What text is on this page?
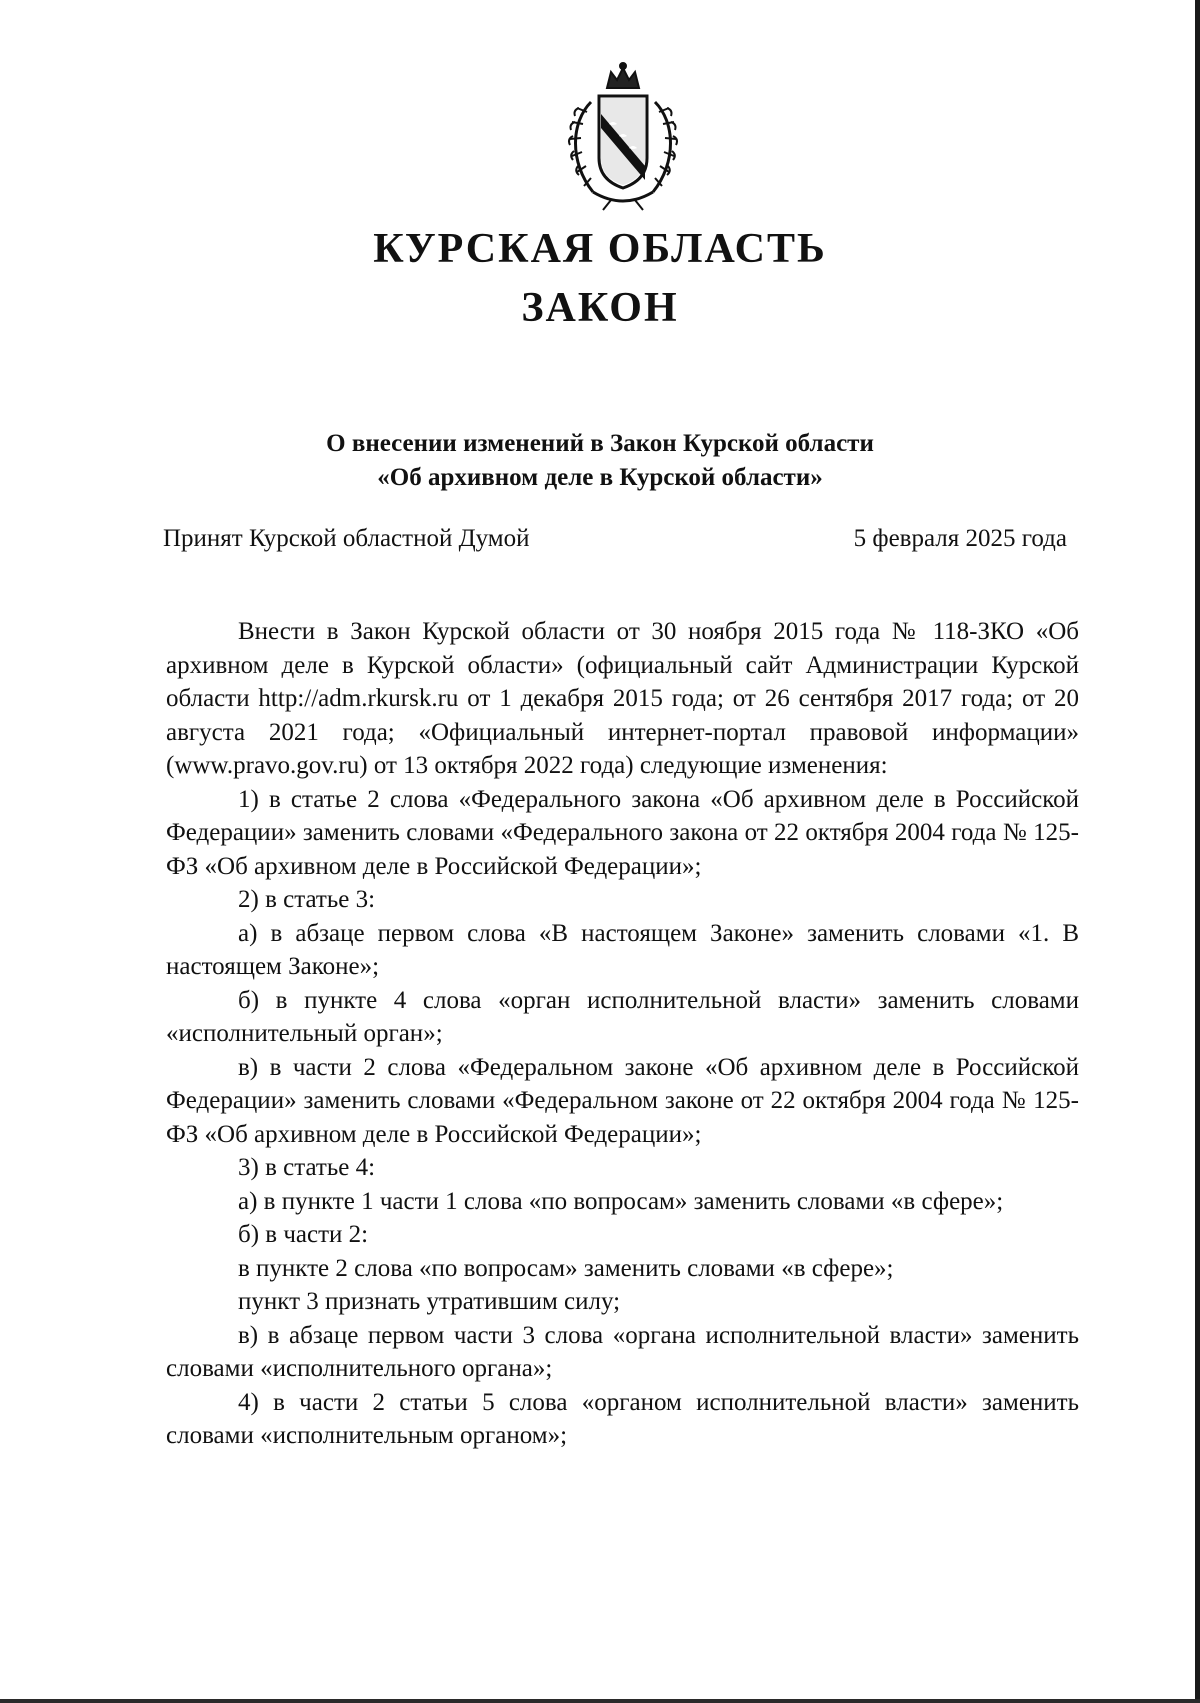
КУРСКАЯ ОБЛАСТЬ
ЗАКОН
О внесении изменений в Закон Курской области
«Об архивном деле в Курской области»
Принят Курской областной Думой	5 февраля 2025 года

Внести в Закон Курской области от 30 ноября 2015 года № 118-ЗКО «Об архивном деле в Курской области» (официальный сайт Администрации Курской области http://adm.rkursk.ru от 1 декабря 2015 года; от 26 сентября 2017 года; от 20 августа 2021 года; «Официальный интернет-портал правовой информации» (www.pravo.gov.ru) от 13 октября 2022 года) следующие изменения:

1) в статье 2 слова «Федерального закона «Об архивном деле в Российской Федерации» заменить словами «Федерального закона от 22 октября 2004 года № 125-ФЗ «Об архивном деле в Российской Федерации»;

2) в статье 3:

а) в абзаце первом слова «В настоящем Законе» заменить словами «1. В настоящем Законе»;

б) в пункте 4 слова «орган исполнительной власти» заменить словами «исполнительный орган»;

в) в части 2 слова «Федеральном законе «Об архивном деле в Российской Федерации» заменить словами «Федеральном законе от 22 октября 2004 года № 125-ФЗ «Об архивном деле в Российской Федерации»;

3) в статье 4:

а) в пункте 1 части 1 слова «по вопросам» заменить словами «в сфере»;

б) в части 2:

в пункте 2 слова «по вопросам» заменить словами «в сфере»;

пункт 3 признать утратившим силу;

в) в абзаце первом части 3 слова «органа исполнительной власти» заменить словами «исполнительного органа»;

4) в части 2 статьи 5 слова «органом исполнительной власти» заменить словами «исполнительным органом»;
